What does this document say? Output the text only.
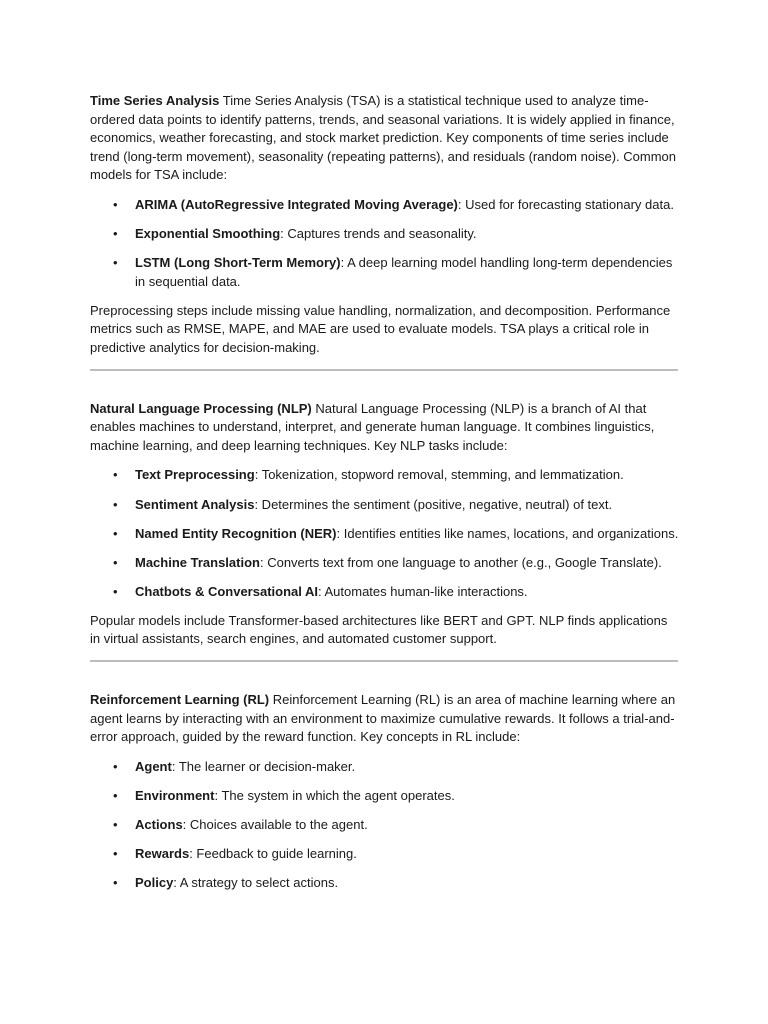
Time Series Analysis Time Series Analysis (TSA) is a statistical technique used to analyze time-ordered data points to identify patterns, trends, and seasonal variations. It is widely applied in finance, economics, weather forecasting, and stock market prediction. Key components of time series include trend (long-term movement), seasonality (repeating patterns), and residuals (random noise). Common models for TSA include:

• ARIMA (AutoRegressive Integrated Moving Average): Used for forecasting stationary data.
• Exponential Smoothing: Captures trends and seasonality.
• LSTM (Long Short-Term Memory): A deep learning model handling long-term dependencies in sequential data.

Preprocessing steps include missing value handling, normalization, and decomposition. Performance metrics such as RMSE, MAPE, and MAE are used to evaluate models. TSA plays a critical role in predictive analytics for decision-making.

Natural Language Processing (NLP) Natural Language Processing (NLP) is a branch of AI that enables machines to understand, interpret, and generate human language. It combines linguistics, machine learning, and deep learning techniques. Key NLP tasks include:

• Text Preprocessing: Tokenization, stopword removal, stemming, and lemmatization.
• Sentiment Analysis: Determines the sentiment (positive, negative, neutral) of text.
• Named Entity Recognition (NER): Identifies entities like names, locations, and organizations.
• Machine Translation: Converts text from one language to another (e.g., Google Translate).
• Chatbots & Conversational AI: Automates human-like interactions.

Popular models include Transformer-based architectures like BERT and GPT. NLP finds applications in virtual assistants, search engines, and automated customer support.

Reinforcement Learning (RL) Reinforcement Learning (RL) is an area of machine learning where an agent learns by interacting with an environment to maximize cumulative rewards. It follows a trial-and-error approach, guided by the reward function. Key concepts in RL include:

• Agent: The learner or decision-maker.
• Environment: The system in which the agent operates.
• Actions: Choices available to the agent.
• Rewards: Feedback to guide learning.
• Policy: A strategy to select actions.
